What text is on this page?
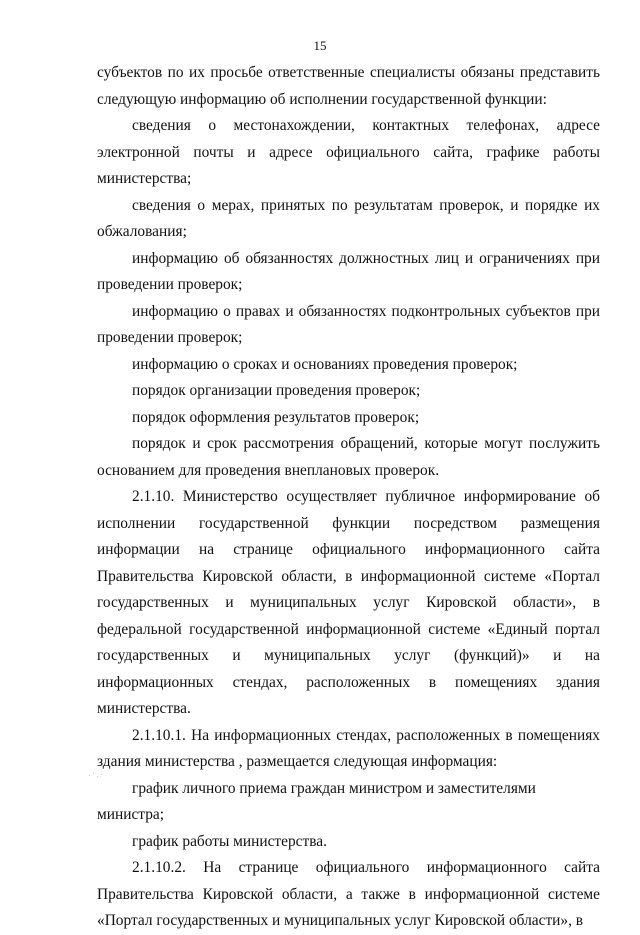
15

субъектов по их просьбе ответственные специалисты обязаны представить следующую информацию об исполнении государственной функции:

сведения о местонахождении, контактных телефонах, адресе электронной почты и адресе официального сайта, графике работы министерства;

сведения о мерах, принятых по результатам проверок, и порядке их обжалования;

информацию об обязанностях должностных лиц и ограничениях при проведении проверок;

информацию о правах и обязанностях подконтрольных субъектов при проведении проверок;

информацию о сроках и основаниях проведения проверок;

порядок организации проведения проверок;

порядок оформления результатов проверок;

порядок и срок рассмотрения обращений, которые могут послужить основанием для проведения внеплановых проверок.

2.1.10. Министерство осуществляет публичное информирование об исполнении государственной функции посредством размещения информации на странице официального информационного сайта Правительства Кировской области, в информационной системе «Портал государственных и муниципальных услуг Кировской области», в федеральной государственной информационной системе «Единый портал государственных и муниципальных услуг (функций)» и на информационных стендах, расположенных в помещениях здания министерства.

2.1.10.1. На информационных стендах, расположенных в помещениях здания министерства , размещается следующая информация:

график личного приема граждан министром и заместителями министра;

график работы министерства.

2.1.10.2. На странице официального информационного сайта Правительства Кировской области, а также в информационной системе «Портал государственных и муниципальных услуг Кировской области», в
